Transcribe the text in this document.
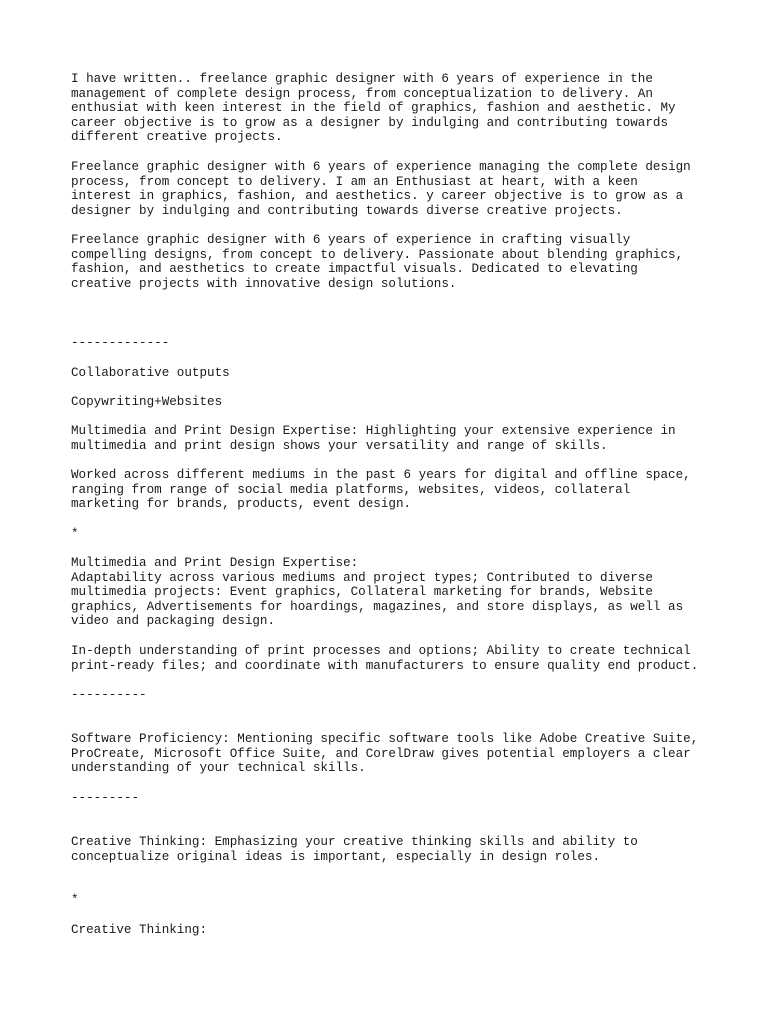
I have written.. freelance graphic designer with 6 years of experience in the
management of complete design process, from conceptualization to delivery. An
enthusiat with keen interest in the field of graphics, fashion and aesthetic. My
career objective is to grow as a designer by indulging and contributing towards
different creative projects.

Freelance graphic designer with 6 years of experience managing the complete design
process, from concept to delivery. I am an Enthusiast at heart, with a keen
interest in graphics, fashion, and aesthetics. y career objective is to grow as a
designer by indulging and contributing towards diverse creative projects.

Freelance graphic designer with 6 years of experience in crafting visually
compelling designs, from concept to delivery. Passionate about blending graphics,
fashion, and aesthetics to create impactful visuals. Dedicated to elevating
creative projects with innovative design solutions.

-------------

Collaborative outputs

Copywriting+Websites

Multimedia and Print Design Expertise: Highlighting your extensive experience in
multimedia and print design shows your versatility and range of skills.

Worked across different mediums in the past 6 years for digital and offline space,
ranging from range of social media platforms, websites, videos, collateral
marketing for brands, products, event design.

*

Multimedia and Print Design Expertise:
Adaptability across various mediums and project types; Contributed to diverse
multimedia projects: Event graphics, Collateral marketing for brands, Website
graphics, Advertisements for hoardings, magazines, and store displays, as well as
video and packaging design.

In-depth understanding of print processes and options; Ability to create technical
print-ready files; and coordinate with manufacturers to ensure quality end product.

----------

Software Proficiency: Mentioning specific software tools like Adobe Creative Suite,
ProCreate, Microsoft Office Suite, and CorelDraw gives potential employers a clear
understanding of your technical skills.

---------

Creative Thinking: Emphasizing your creative thinking skills and ability to
conceptualize original ideas is important, especially in design roles.

*

Creative Thinking:
